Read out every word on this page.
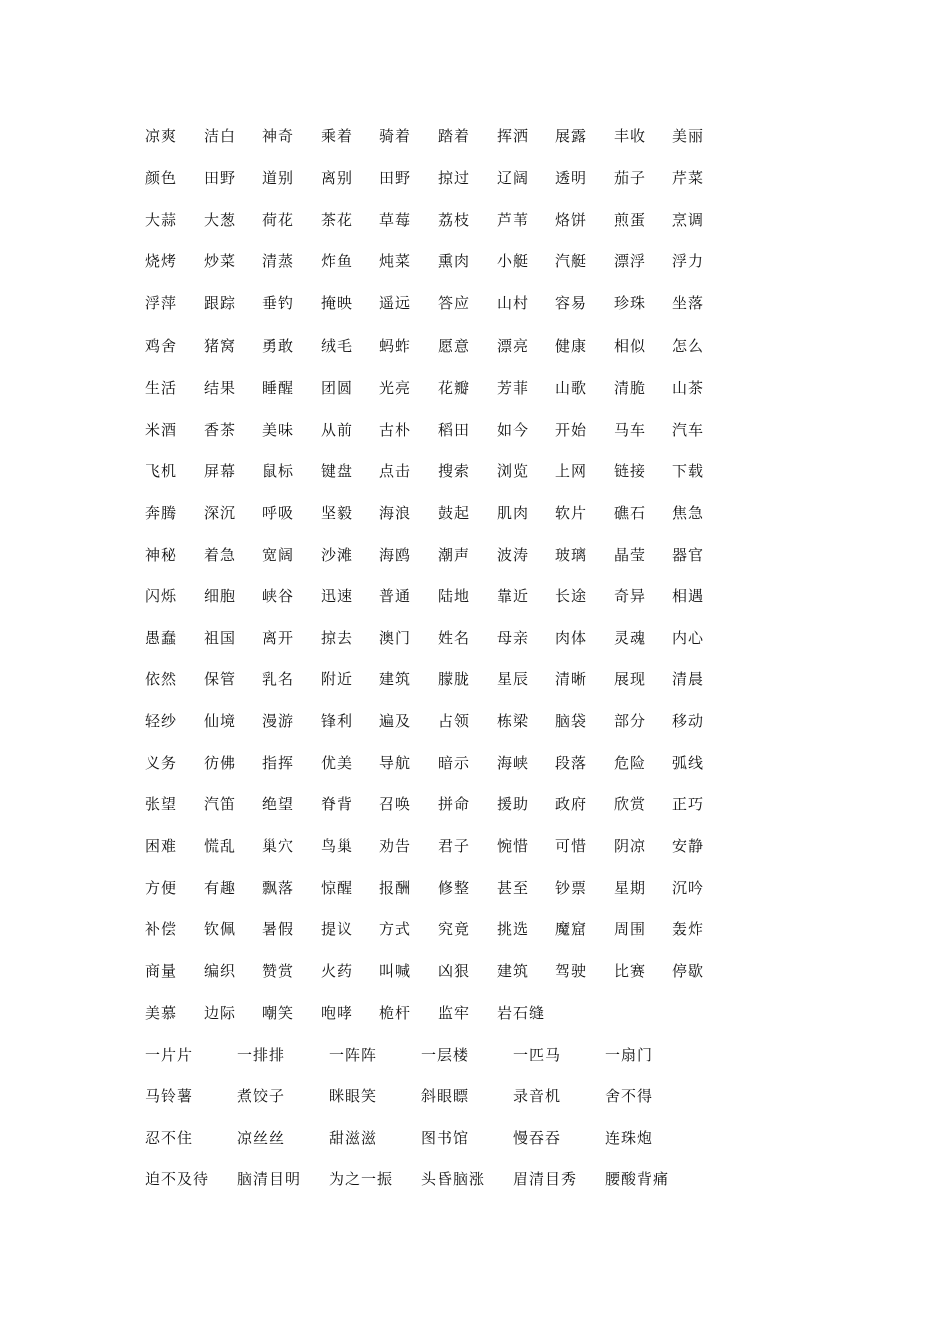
凉爽 洁白 神奇 乘着 骑着 踏着 挥洒 展露 丰收 美丽
颜色 田野 道别 离别 田野 掠过 辽阔 透明 茄子 芹菜
大蒜 大葱 荷花 茶花 草莓 荔枝 芦苇 烙饼 煎蛋 烹调
烧烤 炒菜 清蒸 炸鱼 炖菜 熏肉 小艇 汽艇 漂浮 浮力
浮萍 跟踪 垂钓 掩映 遥远 答应 山村 容易 珍珠 坐落
鸡舍 猪窝 勇敢 绒毛 蚂蚱 愿意 漂亮 健康 相似 怎么
生活 结果 睡醒 团圆 光亮 花瓣 芳菲 山歌 清脆 山茶
米酒 香茶 美味 从前 古朴 稻田 如今 开始 马车 汽车
飞机 屏幕 鼠标 键盘 点击 搜索 浏览 上网 链接 下载
奔腾 深沉 呼吸 坚毅 海浪 鼓起 肌肉 软片 礁石 焦急
神秘 着急 宽阔 沙滩 海鸥 潮声 波涛 玻璃 晶莹 器官
闪烁 细胞 峡谷 迅速 普通 陆地 靠近 长途 奇异 相遇
愚蠢 祖国 离开 掠去 澳门 姓名 母亲 肉体 灵魂 内心
依然 保管 乳名 附近 建筑 朦胧 星辰 清晰 展现 清晨
轻纱 仙境 漫游 锋利 遍及 占领 栋梁 脑袋 部分 移动
义务 彷佛 指挥 优美 导航 暗示 海峡 段落 危险 弧线
张望 汽笛 绝望 脊背 召唤 拼命 援助 政府 欣赏 正巧
困难 慌乱 巢穴 鸟巢 劝告 君子 惋惜 可惜 阴凉 安静
方便 有趣 飘落 惊醒 报酬 修整 甚至 钞票 星期 沉吟
补偿 钦佩 暑假 提议 方式 究竟 挑选 魔窟 周围 轰炸
商量 编织 赞赏 火药 叫喊 凶狠 建筑 驾驶 比赛 停歇
美慕 边际 嘲笑 咆哮 桅杆 监牢 岩石缝
一片片	一排排	一阵阵	一层楼	一匹马	一扇门
马铃薯	煮饺子	眯眼笑	斜眼瞟	录音机	舍不得
忍不住	凉丝丝	甜滋滋	图书馆	慢吞吞	连珠炮
迫不及待 脑清目明 为之一振 头昏脑涨 眉清目秀 腰酸背痛
